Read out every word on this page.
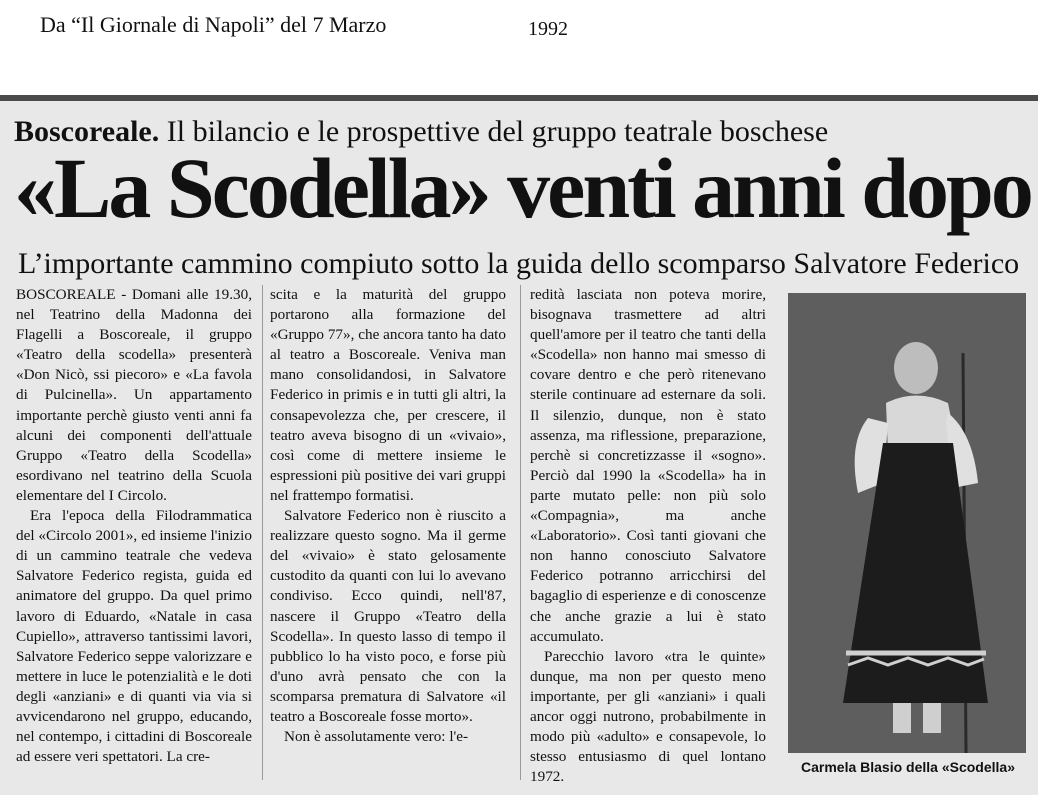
Da “Il Giornale di Napoli” del 7 Marzo	1992
Boscoreale. Il bilancio e le prospettive del gruppo teatrale boschese
«La Scodella» venti anni dopo
L’importante cammino compiuto sotto la guida dello scomparso Salvatore Federico

BOSCOREALE - Domani alle 19.30, nel Teatrino della Madonna dei Flagelli a Boscoreale, il gruppo «Teatro della scodella» presenterà «Don Nicò, ssi piecoro» e «La favola di Pulcinella». Un appartamento importante perchè giusto venti anni fa alcuni dei componenti dell'attuale Gruppo «Teatro della Scodella» esordivano nel teatrino della Scuola elementare del I Circolo.

Era l'epoca della Filodrammatica del «Circolo 2001», ed insieme l'inizio di un cammino teatrale che vedeva Salvatore Federico regista, guida ed animatore del gruppo. Da quel primo lavoro di Eduardo, «Natale in casa Cupiello», attraverso tantissimi lavori, Salvatore Federico seppe valorizzare e mettere in luce le potenzialità e le doti degli «anziani» e di quanti via via si avvicendarono nel gruppo, educando, nel contempo, i cittadini di Boscoreale ad essere veri spettatori. La cre-

scita e la maturità del gruppo portarono alla formazione del «Gruppo 77», che ancora tanto ha dato al teatro a Boscoreale. Veniva man mano consolidandosi, in Salvatore Federico in primis e in tutti gli altri, la consapevolezza che, per crescere, il teatro aveva bisogno di un «vivaio», così come di mettere insieme le espressioni più positive dei vari gruppi nel frattempo formatisi.

Salvatore Federico non è riuscito a realizzare questo sogno. Ma il germe del «vivaio» è stato gelosamente custodito da quanti con lui lo avevano condiviso. Ecco quindi, nell'87, nascere il Gruppo «Teatro della Scodella». In questo lasso di tempo il pubblico lo ha visto poco, e forse più d'uno avrà pensato che con la scomparsa prematura di Salvatore «il teatro a Boscoreale fosse morto».

Non è assolutamente vero: l'e-

redità lasciata non poteva morire, bisognava trasmettere ad altri quell'amore per il teatro che tanti della «Scodella» non hanno mai smesso di covare dentro e che però ritenevano sterile continuare ad esternare da soli. Il silenzio, dunque, non è stato assenza, ma riflessione, preparazione, perchè si concretizzasse il «sogno». Perciò dal 1990 la «Scodella» ha in parte mutato pelle: non più solo «Compagnia», ma anche «Laboratorio». Così tanti giovani che non hanno conosciuto Salvatore Federico potranno arricchirsi del bagaglio di esperienze e di conoscenze che anche grazie a lui è stato accumulato.

Parecchio lavoro «tra le quinte» dunque, ma non per questo meno importante, per gli «anziani» i quali ancor oggi nutrono, probabilmente in modo più «adulto» e consapevole, lo stesso entusiasmo di quel lontano 1972.

Carmela Blasio della «Scodella»
